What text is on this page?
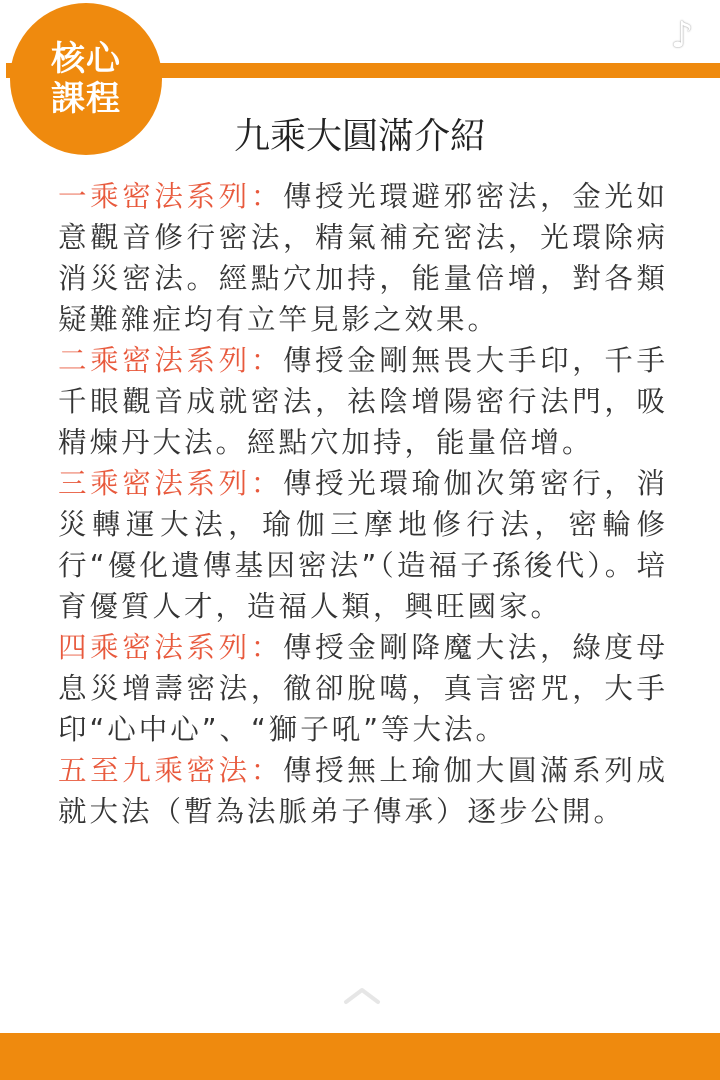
核心
課程
♪
九乘大圓滿介紹

一乘密法系列：傳授光環避邪密法，金光如意觀音修行密法，精氣補充密法，光環除病消災密法。經點穴加持，能量倍增，對各類疑難雜症均有立竿見影之效果。

二乘密法系列：傳授金剛無畏大手印，千手千眼觀音成就密法，祛陰增陽密行法門，吸精煉丹大法。經點穴加持，能量倍增。

三乘密法系列：傳授光環瑜伽次第密行，消災轉運大法，瑜伽三摩地修行法，密輪修行“優化遺傳基因密法”（造福子孫後代）。培育優質人才，造福人類，興旺國家。

四乘密法系列：傳授金剛降魔大法，綠度母息災增壽密法，徹卻脫噶，真言密咒，大手印“心中心”、“獅子吼”等大法。

五至九乘密法：傳授無上瑜伽大圓滿系列成就大法（暫為法脈弟子傳承）逐步公開。
